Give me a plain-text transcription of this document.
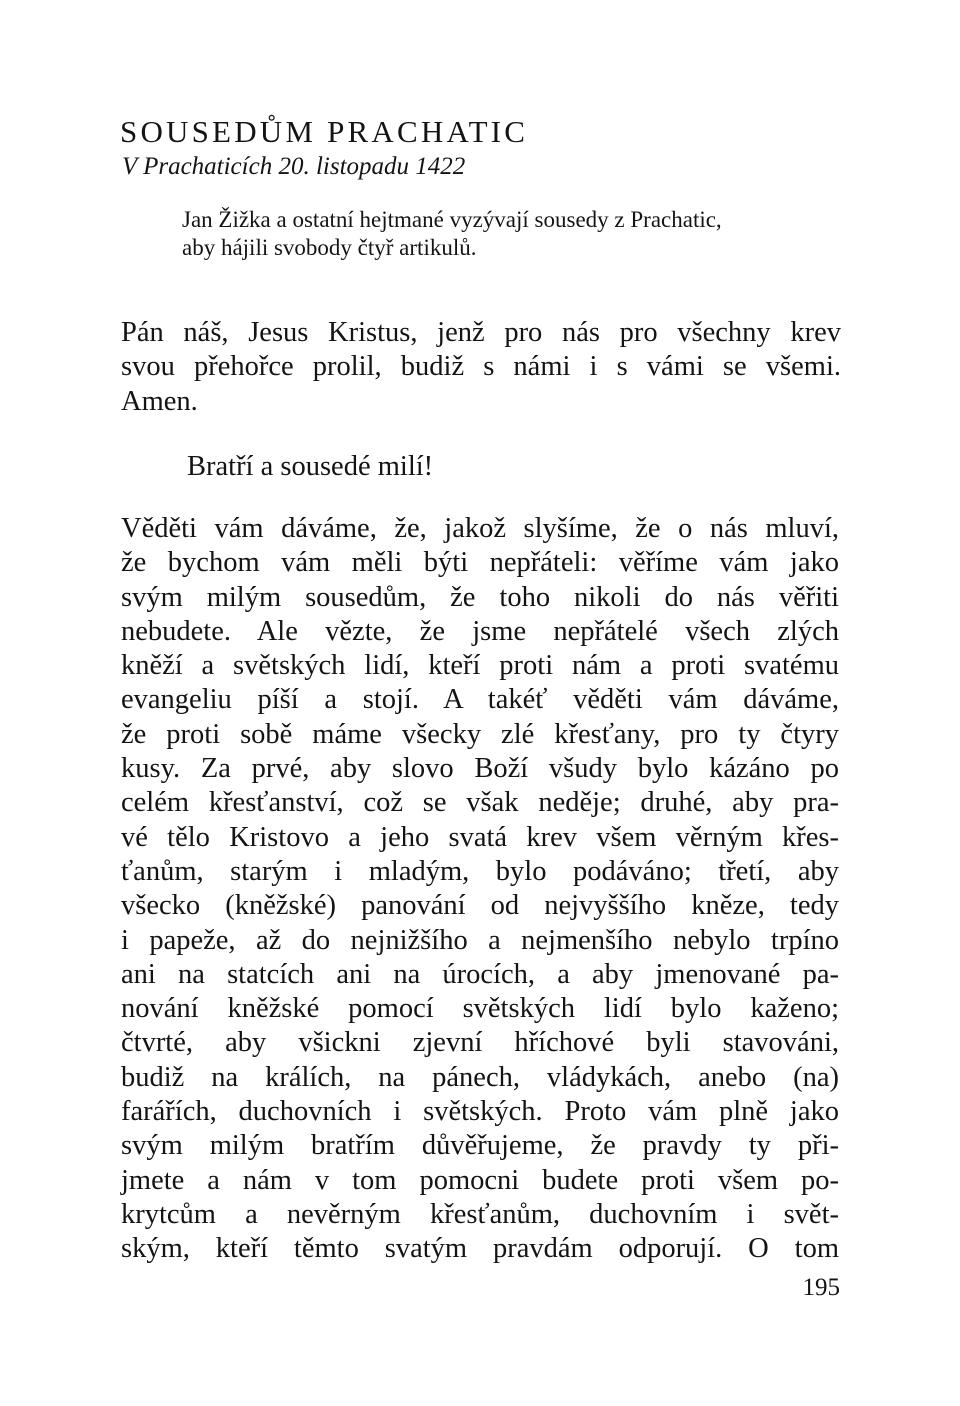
SOUSEDŮM PRACHATIC
V Prachaticích 20. listopadu 1422
Jan Žižka a ostatní hejtmané vyzývají sousedy z Prachatic,
aby hájili svobody čtyř artikulů.
Pán náš, Jesus Kristus, jenž pro nás pro všechny krev
svou přehořce prolil, budiž s námi i s vámi se všemi.
Amen.
Bratří a sousedé milí!
Věděti vám dáváme, že, jakož slyšíme, že o nás mluví,
že bychom vám měli býti nepřáteli: věříme vám jako
svým milým sousedům, že toho nikoli do nás věřiti
nebudete. Ale vězte, že jsme nepřátelé všech zlých
kněží a světských lidí, kteří proti nám a proti svatému
evangeliu píší a stojí. A takéť věděti vám dáváme,
že proti sobě máme všecky zlé křesťany, pro ty čtyry
kusy. Za prvé, aby slovo Boží všudy bylo kázáno po
celém křesťanství, což se však neděje; druhé, aby pra-
vé tělo Kristovo a jeho svatá krev všem věrným křes-
ťanům, starým i mladým, bylo podáváno; třetí, aby
všecko (kněžské) panování od nejvyššího kněze, tedy
i papeže, až do nejnižšího a nejmenšího nebylo trpíno
ani na statcích ani na úrocích, a aby jmenované pa-
nování kněžské pomocí světských lidí bylo kaženo;
čtvrté, aby všickni zjevní hříchové byli stavováni,
budiž na králích, na pánech, vládykách, anebo (na)
farářích, duchovních i světských. Proto vám plně jako
svým milým bratřím důvěřujeme, že pravdy ty při-
jmete a nám v tom pomocni budete proti všem po-
krytcům a nevěrným křesťanům, duchovním i svět-
ským, kteří těmto svatým pravdám odporují. O tom
195
